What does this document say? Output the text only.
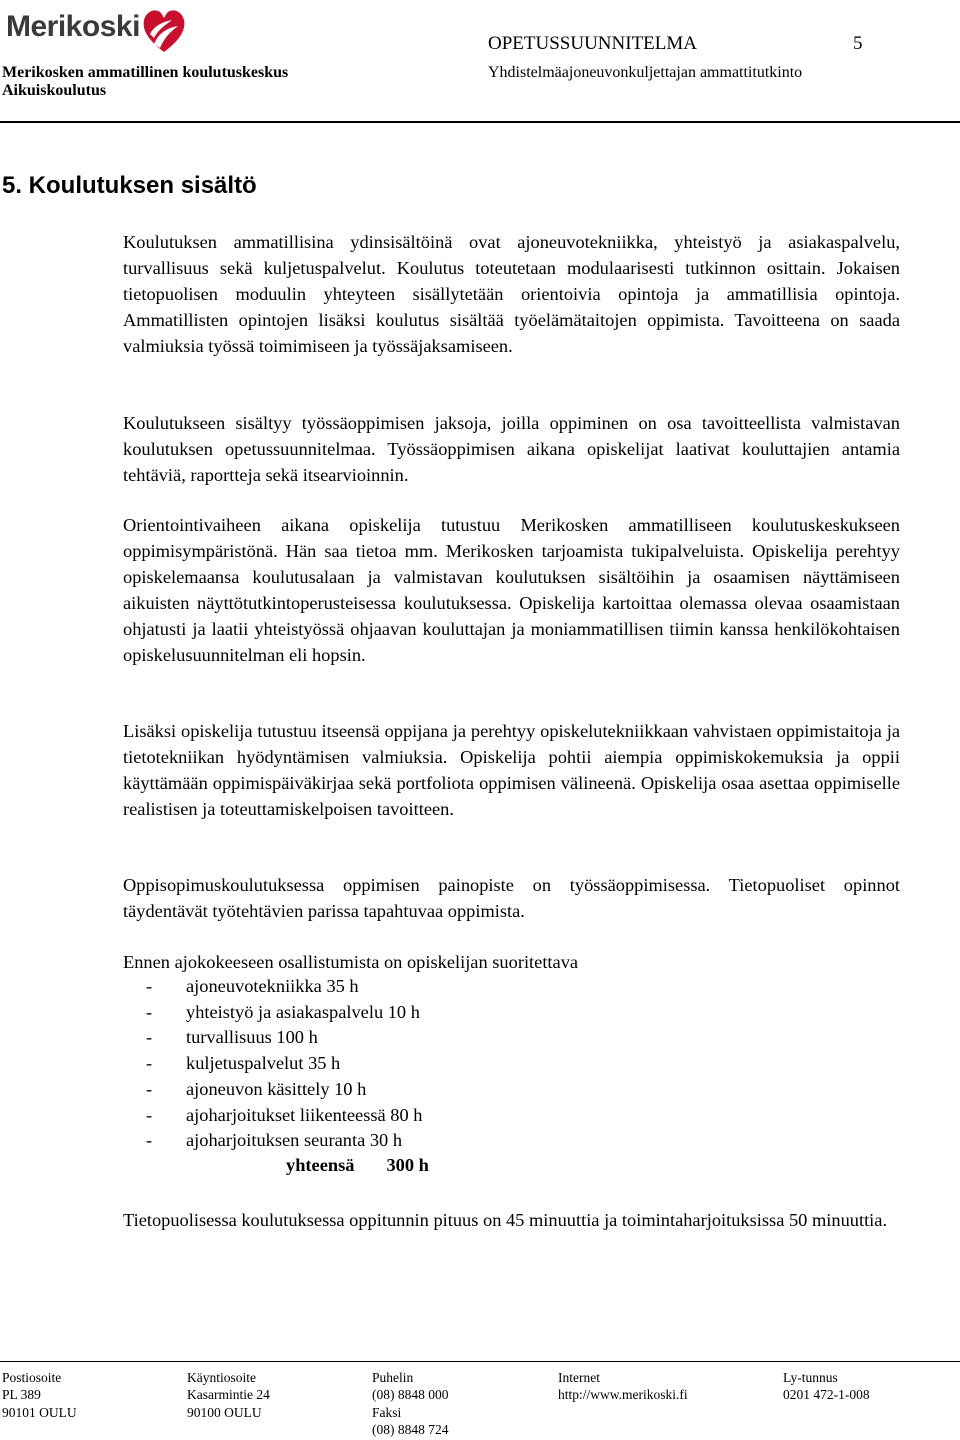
Merikoski
Merikosken ammatillinen koulutuskeskus
Aikuiskoulutus
OPETUSSUUNNITELMA	5
Yhdistelmäajoneuvonkuljettajan ammattitutkinto
5. Koulutuksen sisältö

Koulutuksen ammatillisina ydinsisältöinä ovat ajoneuvotekniikka, yhteistyö ja asiakaspalvelu, turvallisuus sekä kuljetuspalvelut. Koulutus toteutetaan modulaarisesti tutkinnon osittain. Jokaisen tietopuolisen moduulin yhteyteen sisällytetään orientoivia opintoja ja ammatillisia opintoja. Ammatillisten opintojen lisäksi koulutus sisältää työelämätaitojen oppimista. Tavoitteena on saada valmiuksia työssä toimimiseen ja työssäjaksamiseen.

Koulutukseen sisältyy työssäoppimisen jaksoja, joilla oppiminen on osa tavoitteellista valmistavan koulutuksen opetussuunnitelmaa. Työssäoppimisen aikana opiskelijat laativat kouluttajien antamia tehtäviä, raportteja sekä itsearvioinnin.

Orientointivaiheen aikana opiskelija tutustuu Merikosken ammatilliseen koulutuskeskukseen oppimisympäristönä. Hän saa tietoa mm. Merikosken tarjoamista tukipalveluista. Opiskelija perehtyy opiskelemaansa koulutusalaan ja valmistavan koulutuksen sisältöihin ja osaamisen näyttämiseen aikuisten näyttötutkintoperusteisessa koulutuksessa. Opiskelija kartoittaa olemassa olevaa osaamistaan ohjatusti ja laatii yhteistyössä ohjaavan kouluttajan ja moniammatillisen tiimin kanssa henkilökohtaisen opiskelusuunnitelman eli hopsin.

Lisäksi opiskelija tutustuu itseensä oppijana ja perehtyy opiskelutekniikkaan vahvistaen oppimistaitoja ja tietotekniikan hyödyntämisen valmiuksia. Opiskelija pohtii aiempia oppimiskokemuksia ja oppii käyttämään oppimispäiväkirjaa sekä portfoliota oppimisen välineenä. Opiskelija osaa asettaa oppimiselle realistisen ja toteuttamiskelpoisen tavoitteen.

Oppisopimuskoulutuksessa oppimisen painopiste on työssäoppimisessa. Tietopuoliset opinnot täydentävät työtehtävien parissa tapahtuvaa oppimista.

Ennen ajokokeeseen osallistumista on opiskelijan suoritettava

- ajoneuvotekniikka 35 h
- yhteistyö ja asiakaspalvelu 10 h
- turvallisuus 100 h
- kuljetuspalvelut 35 h
- ajoneuvon käsittely 10 h
- ajoharjoitukset liikenteessä 80 h
- ajoharjoituksen seuranta 30 h
yhteensä 300 h

Tietopuolisessa koulutuksessa oppitunnin pituus on 45 minuuttia ja toimintaharjoituksissa 50 minuuttia.

Postiosoite
PL 389
90101 OULU
Käyntiosoite
Kasarmintie 24
90100 OULU
Puhelin
(08) 8848 000
Faksi
(08) 8848 724
Internet
http://www.merikoski.fi
Ly-tunnus
0201 472-1-008
